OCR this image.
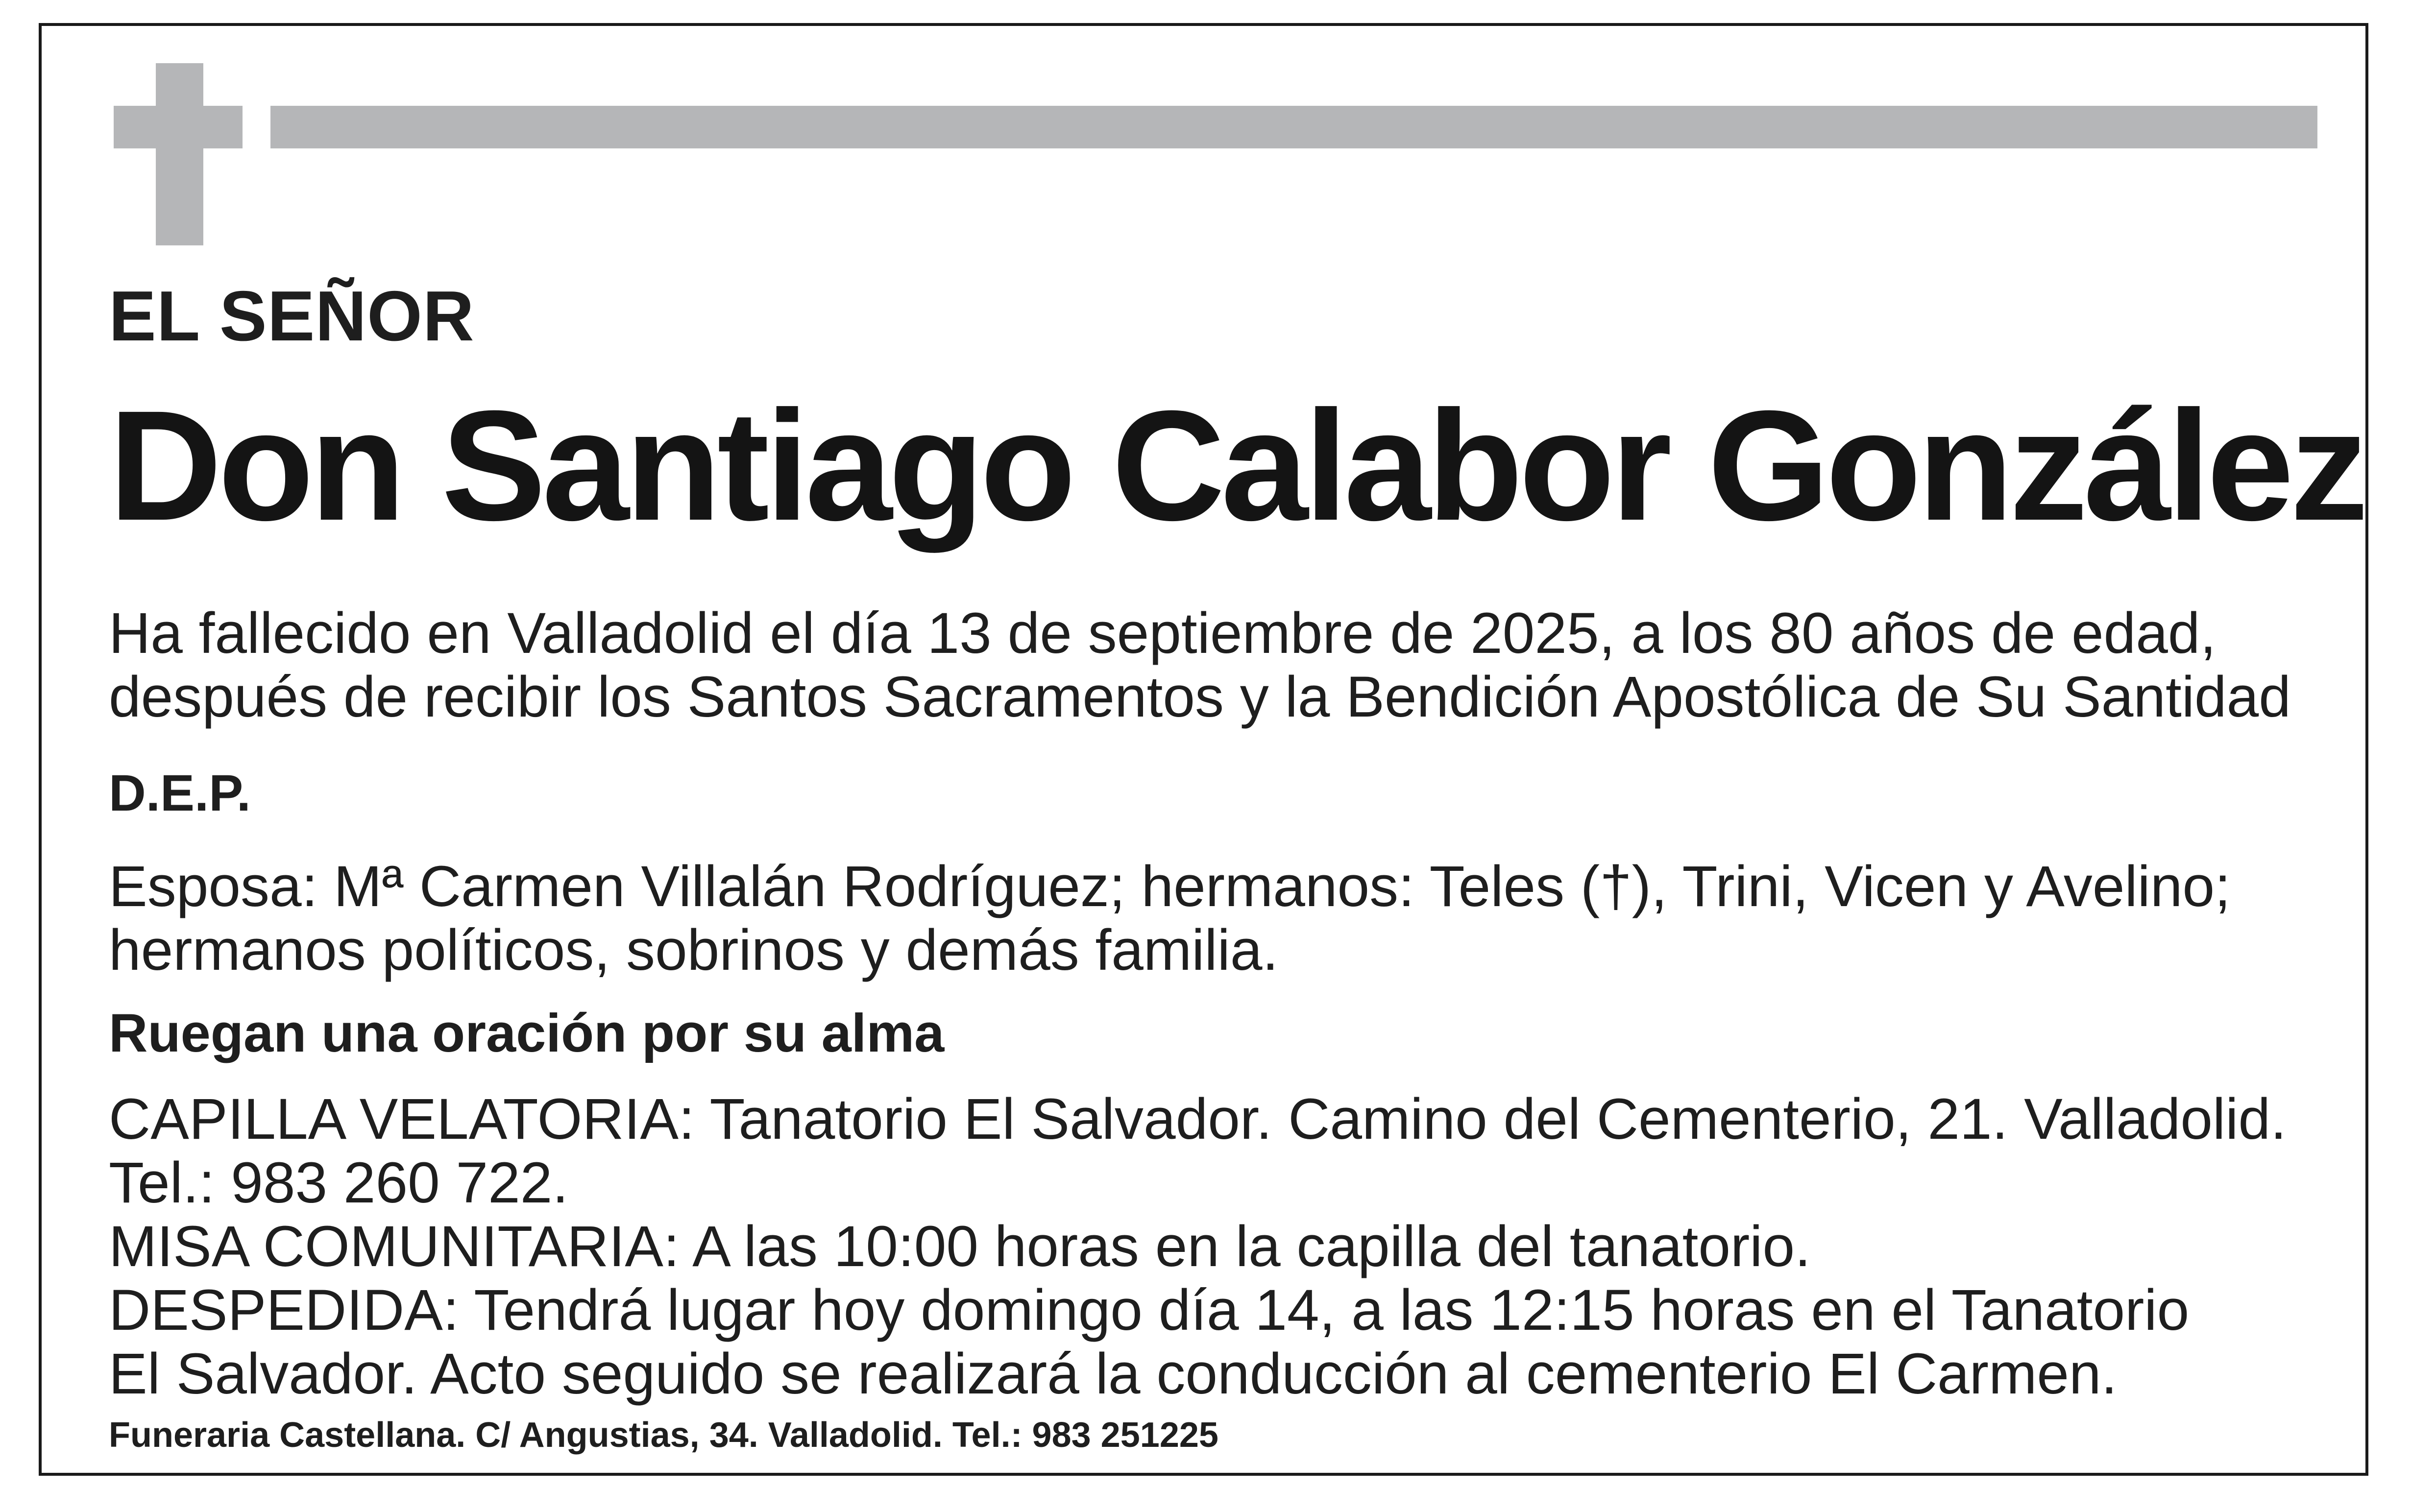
EL SEÑOR

Don Santiago Calabor González

Ha fallecido en Valladolid el día 13 de septiembre de 2025, a los 80 años de edad,
después de recibir los Santos Sacramentos y la Bendición Apostólica de Su Santidad

D.E.P.

Esposa: Mª Carmen Villalán Rodríguez; hermanos: Teles (†), Trini, Vicen y Avelino;
hermanos políticos, sobrinos y demás familia.

Ruegan una oración por su alma

CAPILLA VELATORIA: Tanatorio El Salvador. Camino del Cementerio, 21. Valladolid.
Tel.: 983 260 722.
MISA COMUNITARIA: A las 10:00 horas en la capilla del tanatorio.
DESPEDIDA: Tendrá lugar hoy domingo día 14, a las 12:15 horas en el Tanatorio
El Salvador. Acto seguido se realizará la conducción al cementerio El Carmen.

Funeraria Castellana. C/ Angustias, 34. Valladolid. Tel.: 983 251225
